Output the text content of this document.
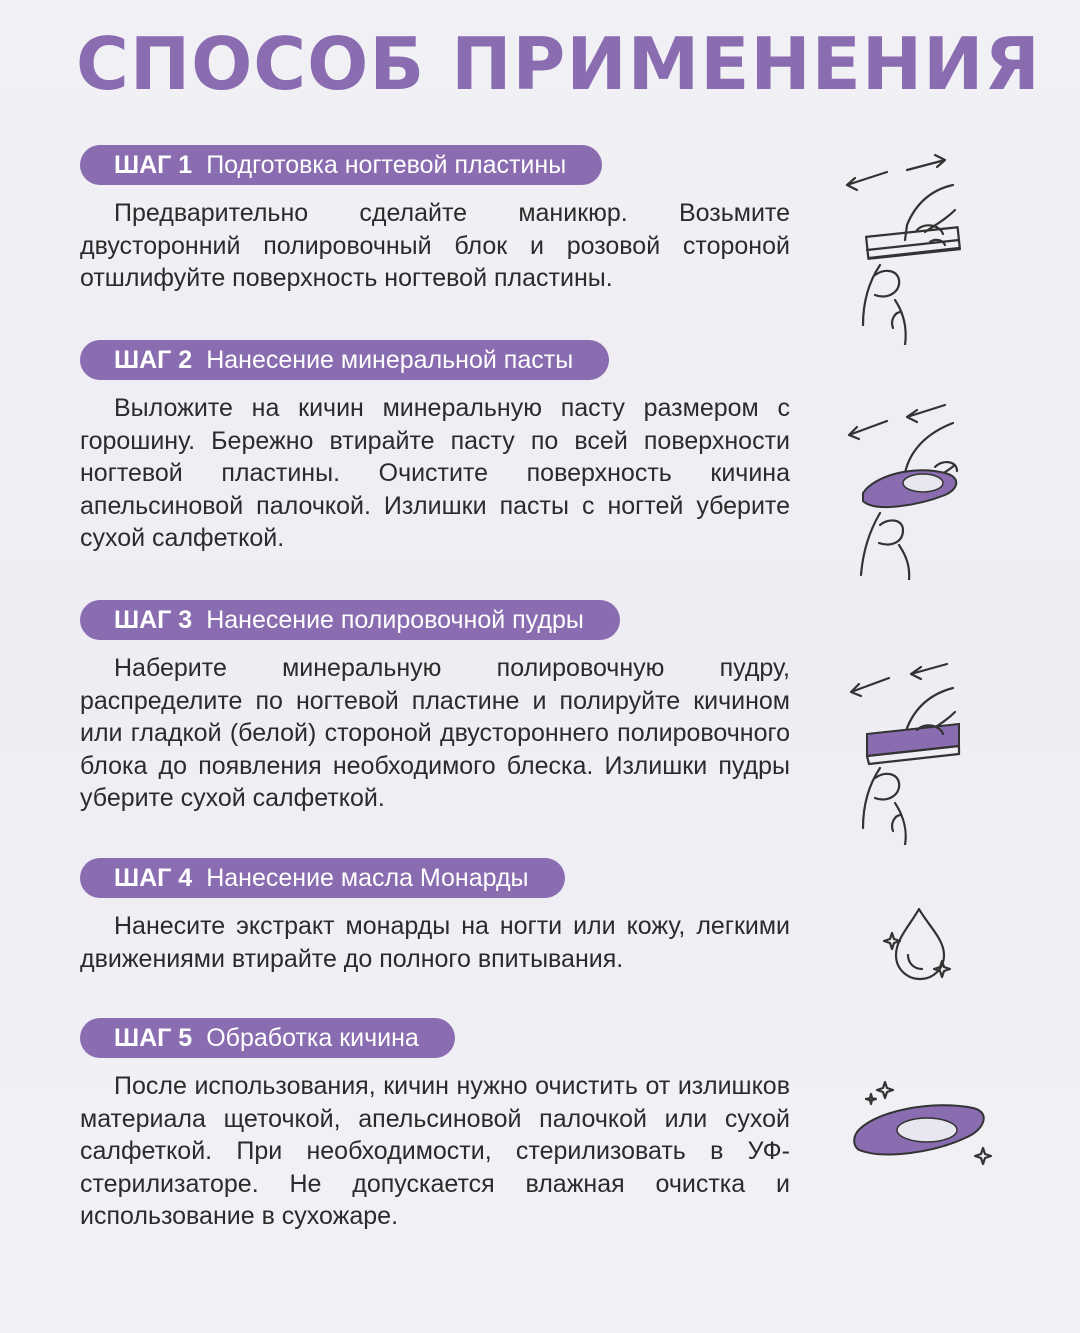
СПОСОБ ПРИМЕНЕНИЯ
ШАГ 1 Подготовка ногтевой пластины
Предварительно сделайте маникюр. Возьмите двусторонний полировочный блок и розовой стороной отшлифуйте поверхность ногтевой пластины.
ШАГ 2 Нанесение минеральной пасты
Выложите на кичин минеральную пасту размером с горошину. Бережно втирайте пасту по всей поверхности ногтевой пластины. Очистите поверхность кичина апельсиновой палочкой. Излишки пасты с ногтей уберите сухой салфеткой.
ШАГ 3 Нанесение полировочной пудры
Наберите минеральную полировочную пудру, распределите по ногтевой пластине и полируйте кичином или гладкой (белой) стороной двустороннего полировочного блока до появления необходимого блеска. Излишки пудры уберите сухой салфеткой.
ШАГ 4 Нанесение масла Монарды
Нанесите экстракт монарды на ногти или кожу, легкими движениями втирайте до полного впитывания.
ШАГ 5 Обработка кичина
После использования, кичин нужно очистить от излишков материала щеточкой, апельсиновой палочкой или сухой салфеткой. При необходимости, стерилизовать в УФ-стерилизаторе. Не допускается влажная очистка и использование в сухожаре.
